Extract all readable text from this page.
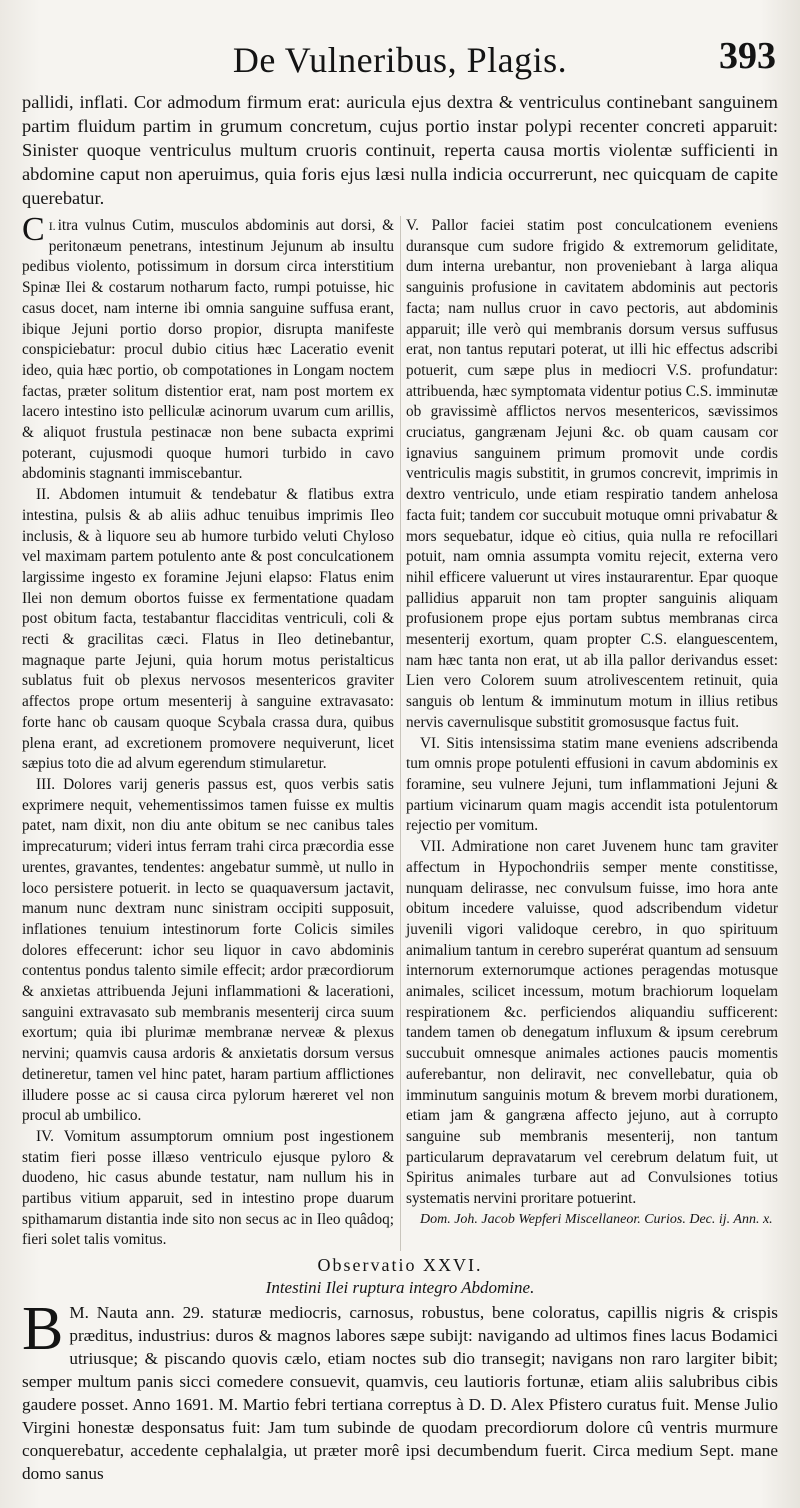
De Vulneribus, Plagis.	393

pallidi, inflati. Cor admodum firmum erat: auricula ejus dextra & ventriculus continebant sanguinem partim fluidum partim in grumum concretum, cujus portio instar polypi recenter concreti apparuit: Sinister quoque ventriculus multum cruoris continuit, reperta causa mortis violentæ sufficienti in abdomine caput non aperuimus, quia foris ejus læsi nulla indicia occurrerunt, nec quicquam de capite querebatur.

$^{I.}$
C itra vulnus Cutim, musculos abdominis aut dorsi, & peritonæum penetrans, intestinum Jejunum ab insultu pedibus violento, potissimum in dorsum circa interstitium Spinæ Ilei & costarum notharum facto, rumpi potuisse, hic casus docet, nam interne ibi omnia sanguine suffusa erant, ibique Jejuni portio dorso propior, disrupta manifeste conspiciebatur: procul dubio citius hæc Laceratio evenit ideo, quia hæc portio, ob compotationes in Longam noctem factas, præter solitum distentior erat, nam post mortem ex lacero intestino isto pelliculæ acinorum uvarum cum arillis, & aliquot frustula pestinacæ non bene subacta exprimi poterant, cujusmodi quoque humori turbido in cavo abdominis stagnanti immiscebantur.

II. Abdomen intumuit & tendebatur & flatibus extra intestina, pulsis & ab aliis adhuc tenuibus imprimis Ileo inclusis, & à liquore seu ab humore turbido veluti Chyloso vel maximam partem potulento ante & post conculcationem largissime ingesto ex foramine Jejuni elapso: Flatus enim Ilei non demum obortos fuisse ex fermentatione quadam post obitum facta, testabantur flacciditas ventriculi, coli & recti & gracilitas cæci. Flatus in Ileo detinebantur, magnaque parte Jejuni, quia horum motus peristalticus sublatus fuit ob plexus nervosos mesentericos graviter affectos prope ortum mesenterij à sanguine extravasato: forte hanc ob causam quoque Scybala crassa dura, quibus plena erant, ad excretionem promovere nequiverunt, licet sæpius toto die ad alvum egerendum stimularetur.

III. Dolores varij generis passus est, quos verbis satis exprimere nequit, vehementissimos tamen fuisse ex multis patet, nam dixit, non diu ante obitum se nec canibus tales imprecaturum; videri intus ferram trahi circa præcordia esse urentes, gravantes, tendentes: angebatur summè, ut nullo in loco persistere potuerit. in lecto se quaquaversum jactavit, manum nunc dextram nunc sinistram occipiti supposuit, inflationes tenuium intestinorum forte Colicis similes dolores effecerunt: ichor seu liquor in cavo abdominis contentus pondus talento simile effecit; ardor præcordiorum & anxietas attribuenda Jejuni inflammationi & lacerationi, sanguini extravasato sub membranis mesenterij circa suum exortum; quia ibi plurimæ membranæ nerveæ & plexus nervini; quamvis causa ardoris & anxietatis dorsum versus detineretur, tamen vel hinc patet, haram partium afflictiones illudere posse ac si causa circa pylorum hæreret vel non procul ab umbilico.

IV. Vomitum assumptorum omnium post ingestionem statim fieri posse illæso ventriculo ejusque pyloro & duodeno, hic casus abunde testatur, nam nullum his in partibus vitium apparuit, sed in intestino prope duarum spithamarum distantia inde sito non secus ac in Ileo quâdoq; fieri solet talis vomitus.

V. Pallor faciei statim post conculcationem eveniens duransque cum sudore frigido & extremorum geliditate, dum interna urebantur, non proveniebant à larga aliqua sanguinis profusione in cavitatem abdominis aut pectoris facta; nam nullus cruor in cavo pectoris, aut abdominis apparuit; ille verò qui membranis dorsum versus suffusus erat, non tantus reputari poterat, ut illi hic effectus adscribi potuerit, cum sæpe plus in mediocri V.S. profundatur: attribuenda, hæc symptomata videntur potius C.S. imminutæ ob gravissimè afflictos nervos mesentericos, sævissimos cruciatus, gangrænam Jejuni &c. ob quam causam cor ignavius sanguinem primum promovit unde cordis ventriculis magis substitit, in grumos concrevit, imprimis in dextro ventriculo, unde etiam respiratio tandem anhelosa facta fuit; tandem cor succubuit motuque omni privabatur & mors sequebatur, idque eò citius, quia nulla re refocillari potuit, nam omnia assumpta vomitu rejecit, externa vero nihil efficere valuerunt ut vires instaurarentur. Epar quoque pallidius apparuit non tam propter sanguinis aliquam profusionem prope ejus portam subtus membranas circa mesenterij exortum, quam propter C.S. elanguescentem, nam hæc tanta non erat, ut ab illa pallor derivandus esset: Lien vero Colorem suum atrolivescentem retinuit, quia sanguis ob lentum & imminutum motum in illius retibus nervis cavernulisque substitit gromosusque factus fuit.

VI. Sitis intensissima statim mane eveniens adscribenda tum omnis prope potulenti effusioni in cavum abdominis ex foramine, seu vulnere Jejuni, tum inflammationi Jejuni & partium vicinarum quam magis accendit ista potulentorum rejectio per vomitum.

VII. Admiratione non caret Juvenem hunc tam graviter affectum in Hypochondriis semper mente constitisse, nunquam delirasse, nec convulsum fuisse, imo hora ante obitum incedere valuisse, quod adscribendum videtur juvenili vigori validoque cerebro, in quo spirituum animalium tantum in cerebro superérat quantum ad sensuum internorum externorumque actiones peragendas motusque animales, scilicet incessum, motum brachiorum loquelam respirationem &c. perficiendos aliquandiu sufficerent: tandem tamen ob denegatum influxum & ipsum cerebrum succubuit omnesque animales actiones paucis momentis auferebantur, non deliravit, nec convellebatur, quia ob imminutum sanguinis motum & brevem morbi durationem, etiam jam & gangræna affecto jejuno, aut à corrupto sanguine sub membranis mesenterij, non tantum particularum depravatarum vel cerebrum delatum fuit, ut Spiritus animales turbare aut ad Convulsiones totius systematis nervini proritare potuerint.

Dom. Joh. Jacob Wepferi Miscellaneor. Curios. Dec. ij. Ann. x.

Observatio XXVI.
Intestini Ilei ruptura integro Abdomine.

B M. Nauta ann. 29. staturæ mediocris, carnosus, robustus, bene coloratus, capillis nigris & crispis præditus, industrius: duros & magnos labores sæpe subijt: navigando ad ultimos fines lacus Bodamici utriusque; & piscando quovis cælo, etiam noctes sub dio transegit; navigans non raro largiter bibit; semper multum panis sicci comedere consuevit, quamvis, ceu lautioris fortunæ, etiam aliis salubribus cibis gaudere posset. Anno 1691. M. Martio febri tertiana correptus à D. D. Alex Pfistero curatus fuit. Mense Julio Virgini honestæ desponsatus fuit: Jam tum subinde de quodam precordiorum dolore cû ventris murmure conquerebatur, accedente cephalalgia, ut præter morê ipsi decumbendum fuerit. Circa medium Sept. mane domo sanus
